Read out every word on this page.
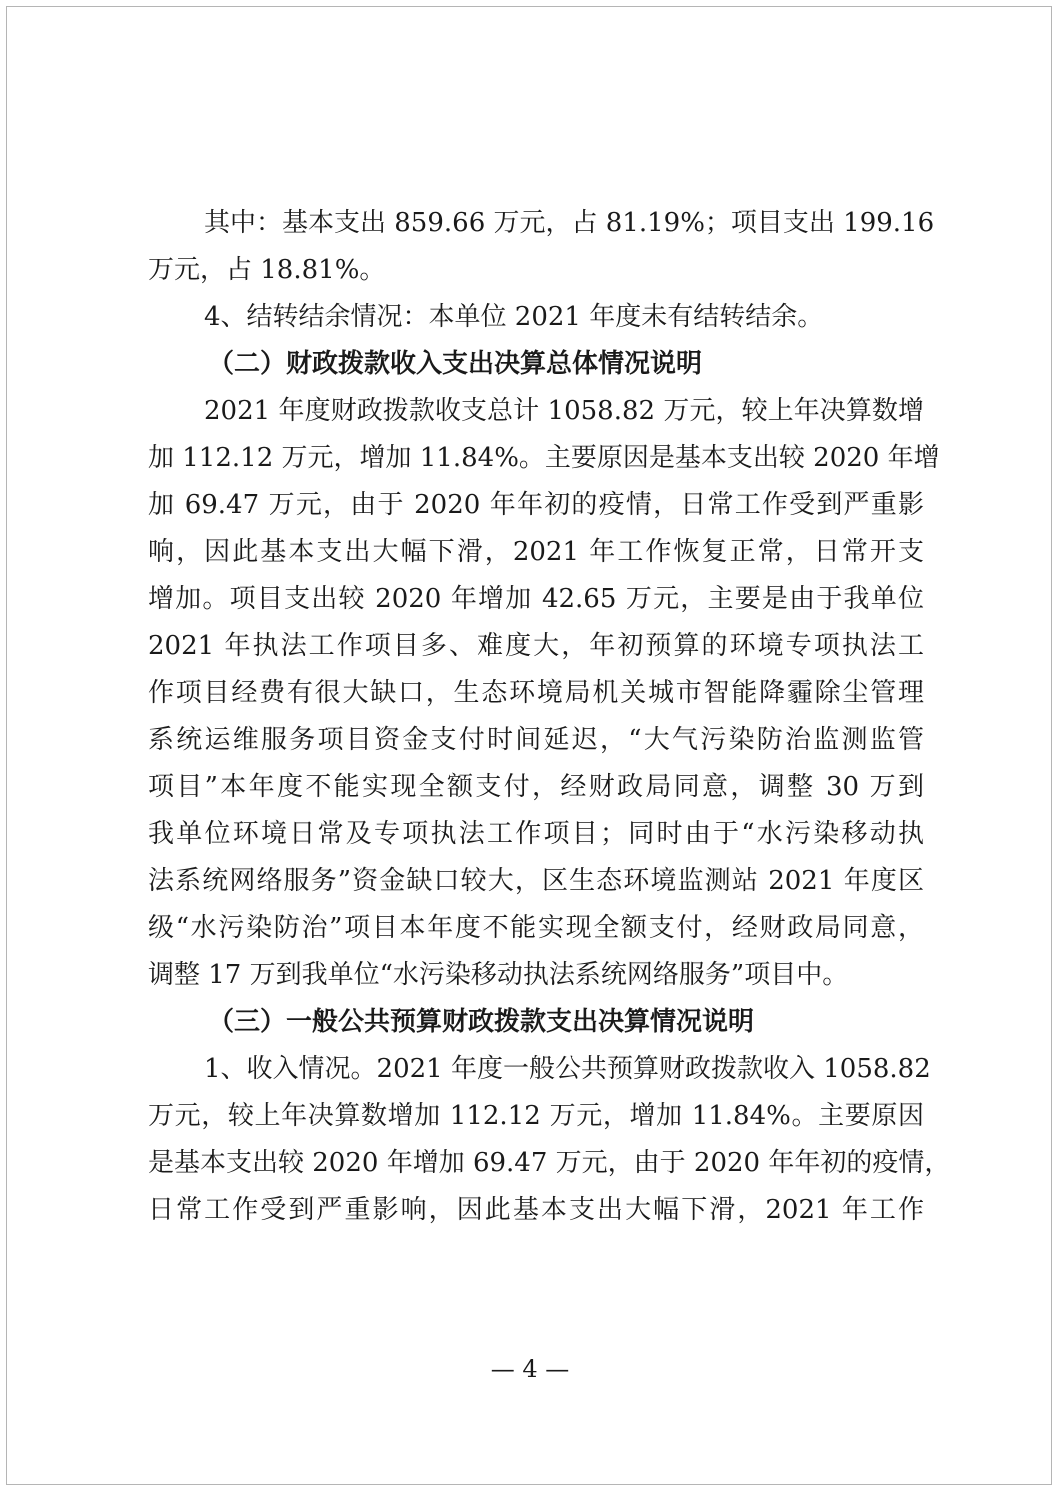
其中：基本支出 859.66 万元，占 81.19%；项目支出 199.16
万元，占 18.81%。
4、结转结余情况：本单位 2021 年度未有结转结余。
（二）财政拨款收入支出决算总体情况说明
2021 年度财政拨款收支总计 1058.82 万元，较上年决算数增
加 112.12 万元，增加 11.84%。主要原因是基本支出较 2020 年增
加 69.47 万元，由于 2020 年年初的疫情，日常工作受到严重影
响，因此基本支出大幅下滑，2021 年工作恢复正常，日常开支
增加。项目支出较 2020 年增加 42.65 万元，主要是由于我单位
2021 年执法工作项目多、难度大，年初预算的环境专项执法工
作项目经费有很大缺口，生态环境局机关城市智能降霾除尘管理
系统运维服务项目资金支付时间延迟，“大气污染防治监测监管
项目”本年度不能实现全额支付，经财政局同意，调整 30 万到
我单位环境日常及专项执法工作项目；同时由于“水污染移动执
法系统网络服务”资金缺口较大，区生态环境监测站 2021 年度区
级“水污染防治”项目本年度不能实现全额支付，经财政局同意，
调整 17 万到我单位“水污染移动执法系统网络服务”项目中。
（三）一般公共预算财政拨款支出决算情况说明
1、收入情况。2021 年度一般公共预算财政拨款收入 1058.82
万元，较上年决算数增加 112.12 万元，增加 11.84%。主要原因
是基本支出较 2020 年增加 69.47 万元，由于 2020 年年初的疫情，
日常工作受到严重影响，因此基本支出大幅下滑，2021 年工作
— 4 —
